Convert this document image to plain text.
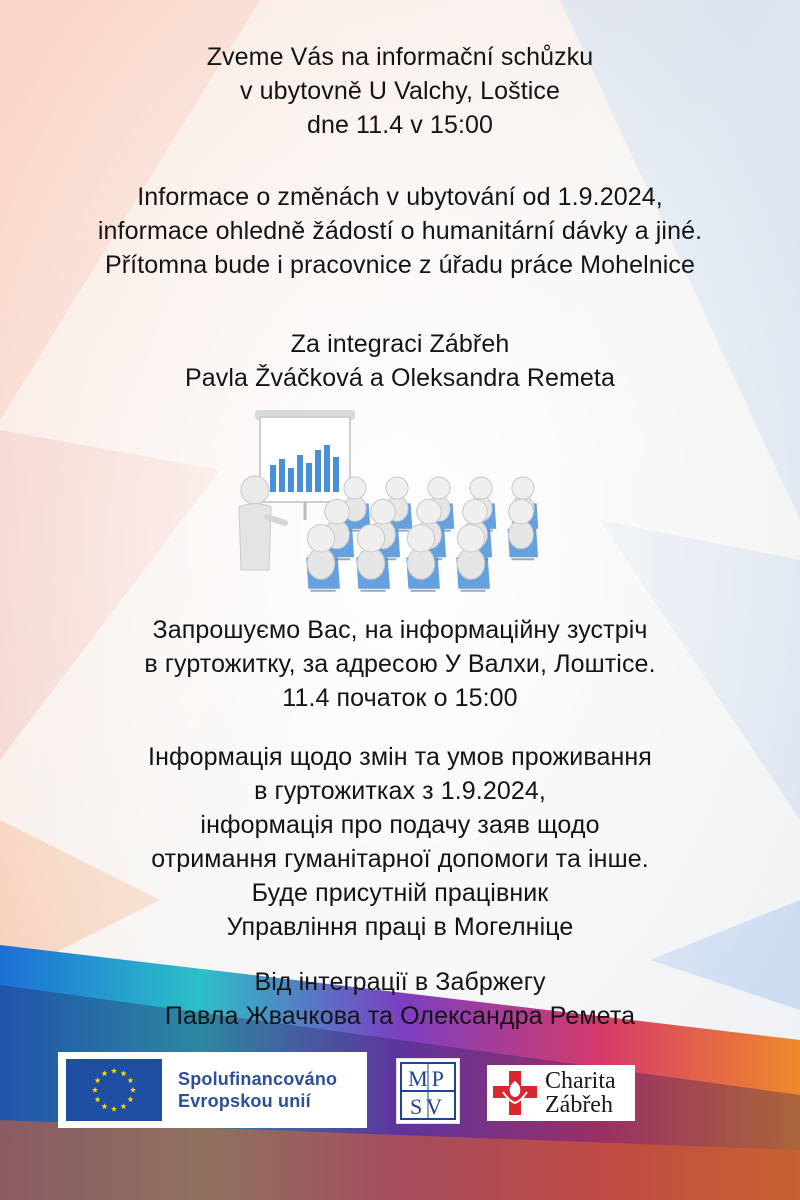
Zveme Vás na informační schůzku
v ubytovně U Valchy, Loštice
dne 11.4 v 15:00
Informace o změnách v ubytování od 1.9.2024,
informace ohledně žádostí o humanitární dávky a jiné.
Přítomna bude i pracovnice z úřadu práce Mohelnice
Za integraci Zábřeh
Pavla Žváčková a Oleksandra Remeta
Запрошуємо Вас, на інформаційну зустріч
в гуртожитку, за адресою У Валхи, Лоштісе.
11.4 початок о 15:00
Інформація щодо змін та умов проживання
в гуртожитках з 1.9.2024,
інформація про подачу заяв щодо
отримання гуманітарної допомоги та інше.
Буде присутній працівник
Управління праці в Могелніце
Від інтеграції в Забржегу
Павла Жвачкова та Олександра Ремета
Spolufinancováno
Evropskou unií
MP
SV
Charita
Zábřeh
